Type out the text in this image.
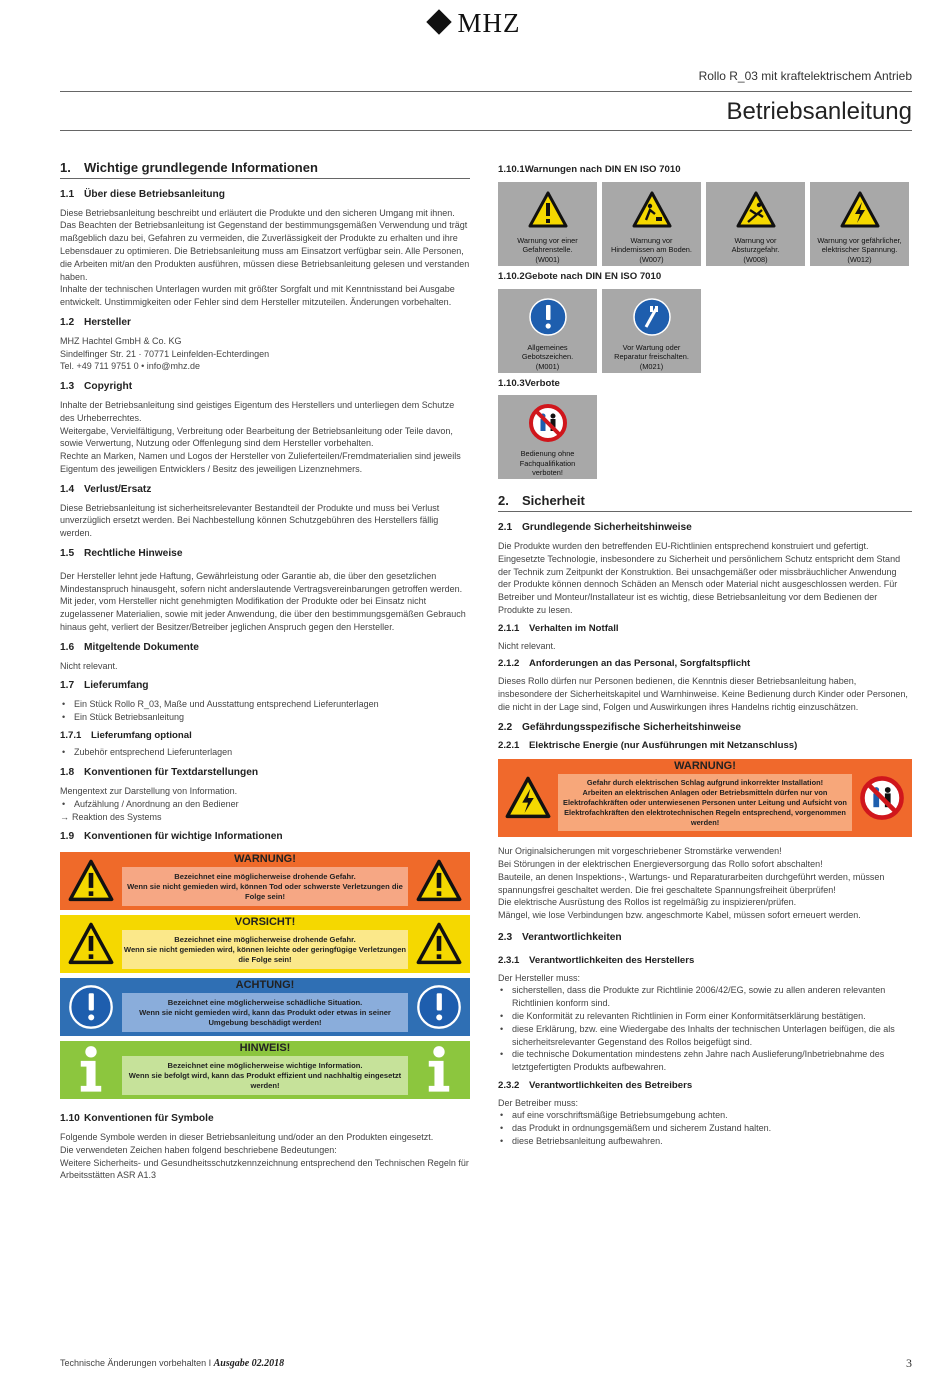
MHZ
Rollo R_03 mit kraftelektrischem Antrieb
Betriebsanleitung
1. Wichtige grundlegende Informationen
1.1 Über diese Betriebsanleitung

Diese Betriebsanleitung beschreibt und erläutert die Produkte und den sicheren Umgang mit ihnen.

Das Beachten der Betriebsanleitung ist Gegenstand der bestimmungsgemäßen Verwendung und trägt maßgeblich dazu bei, Gefahren zu vermeiden, die Zuverlässigkeit der Produkte zu erhalten und ihre Lebensdauer zu optimieren. Die Betriebsanleitung muss am Einsatzort verfügbar sein. Alle Personen, die Arbeiten mit/an den Produkten ausführen, müssen diese Betriebsanleitung gelesen und verstanden haben.

Inhalte der technischen Unterlagen wurden mit größter Sorgfalt und mit Kenntnisstand bei Ausgabe entwickelt. Unstimmigkeiten oder Fehler sind dem Hersteller mitzuteilen. Änderungen vorbehalten.

1.2 Hersteller

MHZ Hachtel GmbH & Co. KG

Sindelfinger Str. 21 · 70771 Leinfelden-Echterdingen

Tel. +49 711 9751 0 • info@mhz.de

1.3 Copyright

Inhalte der Betriebsanleitung sind geistiges Eigentum des Herstellers und unterliegen dem Schutze des Urheberrechtes.

Weitergabe, Vervielfältigung, Verbreitung oder Bearbeitung der Betriebsanleitung oder Teile davon, sowie Verwertung, Nutzung oder Offenlegung sind dem Hersteller vorbehalten.

Rechte an Marken, Namen und Logos der Hersteller von Zulieferteilen/Fremdmaterialien sind jeweils Eigentum des jeweiligen Entwicklers / Besitz des jeweiligen Lizenznehmers.

1.4 Verlust/Ersatz

Diese Betriebsanleitung ist sicherheitsrelevanter Bestandteil der Produkte und muss bei Verlust unverzüglich ersetzt werden. Bei Nachbestellung können Schutzgebühren des Herstellers fällig werden.

1.5 Rechtliche Hinweise

Der Hersteller lehnt jede Haftung, Gewährleistung oder Garantie ab, die über den gesetzlichen Mindestanspruch hinausgeht, sofern nicht anderslautende Vertragsvereinbarungen getroffen werden.

Mit jeder, vom Hersteller nicht genehmigten Modifikation der Produkte oder bei Einsatz nicht zugelassener Materialien, sowie mit jeder Anwendung, die über den bestimmungsgemäßen Gebrauch hinaus geht, verliert der Besitzer/Betreiber jeglichen Anspruch gegen den Hersteller.

1.6 Mitgeltende Dokumente

Nicht relevant.

1.7 Lieferumfang
• Ein Stück Rollo R_03, Maße und Ausstattung entsprechend Lieferunterlagen
• Ein Stück Betriebsanleitung
1.7.1 Lieferumfang optional
• Zubehör entsprechend Lieferunterlagen
1.8 Konventionen für Textdarstellungen

Mengentext zur Darstellung von Information.

• Aufzählung / Anordnung an den Bediener

→ Reaktion des Systems

1.9 Konventionen für wichtige Informationen
WARNUNG!
Bezeichnet eine möglicherweise drohende Gefahr.
Wenn sie nicht gemieden wird, können Tod oder schwerste Verletzungen die Folge sein!
VORSICHT!
Bezeichnet eine möglicherweise drohende Gefahr.
Wenn sie nicht gemieden wird, können leichte oder geringfügige Verletzungen die Folge sein!
ACHTUNG!
Bezeichnet eine möglicherweise schädliche Situation.
Wenn sie nicht gemieden wird, kann das Produkt oder etwas in seiner Umgebung beschädigt werden!
HINWEIS!
Bezeichnet eine möglicherweise wichtige Information.
Wenn sie befolgt wird, kann das Produkt effizient und nachhaltig eingesetzt werden!
1.10 Konventionen für Symbole

Folgende Symbole werden in dieser Betriebsanleitung und/oder an den Produkten eingesetzt.

Die verwendeten Zeichen haben folgend beschriebene Bedeutungen:

Weitere Sicherheits- und Gesundheitsschutzkennzeichnung entsprechend den Technischen Regeln für Arbeitsstätten ASR A1.3

1.10.1Warnungen nach DIN EN ISO 7010
Warnung vor einer
Gefahrenstelle.
(W001)
Warnung vor
Hindernissen am Boden.
(W007)
Warnung vor
Absturzgefahr.
(W008)
Warnung vor gefährlicher,
elektrischer Spannung.
(W012)
1.10.2Gebote nach DIN EN ISO 7010
Allgemeines
Gebotszeichen.
(M001)
Vor Wartung oder
Reparatur freischalten.
(M021)
1.10.3Verbote
Bedienung ohne
Fachqualifikation
verboten!
2. Sicherheit
2.1 Grundlegende Sicherheitshinweise

Die Produkte wurden den betreffenden EU-Richtlinien entsprechend konstruiert und gefertigt. Eingesetzte Technologie, insbesondere zu Sicherheit und persönlichem Schutz entspricht dem Stand der Technik zum Zeitpunkt der Konstruktion. Bei unsachgemäßer oder missbräuchlicher Anwendung der Produkte können dennoch Schäden an Mensch oder Material nicht ausgeschlossen werden. Für Betreiber und Monteur/Installateur ist es wichtig, diese Betriebsanleitung vor dem Bedienen der Produkte zu lesen.

2.1.1 Verhalten im Notfall

Nicht relevant.

2.1.2 Anforderungen an das Personal, Sorgfaltspflicht

Dieses Rollo dürfen nur Personen bedienen, die Kenntnis dieser Betriebsanleitung haben, insbesondere der Sicherheitskapitel und Warnhinweise. Keine Bedienung durch Kinder oder Personen, die nicht in der Lage sind, Folgen und Auswirkungen ihres Handelns richtig einzuschätzen.

2.2 Gefährdungsspezifische Sicherheitshinweise
2.2.1 Elektrische Energie (nur Ausführungen mit Netzanschluss)
WARNUNG!
Gefahr durch elektrischen Schlag aufgrund inkorrekter Installation!
Arbeiten an elektrischen Anlagen oder Betriebsmitteln dürfen nur von Elektrofachkräften oder unterwiesenen Personen unter Leitung und Aufsicht von Elektrofachkräften den elektrotechnischen Regeln entsprechend, vorgenommen werden!

Nur Originalsicherungen mit vorgeschriebener Stromstärke verwenden!

Bei Störungen in der elektrischen Energieversorgung das Rollo sofort abschalten!

Bauteile, an denen Inspektions-, Wartungs- und Reparaturarbeiten durchgeführt werden, müssen spannungsfrei geschaltet werden. Die frei geschaltete Spannungsfreiheit überprüfen!

Die elektrische Ausrüstung des Rollos ist regelmäßig zu inspizieren/prüfen.

Mängel, wie lose Verbindungen bzw. angeschmorte Kabel, müssen sofort erneuert werden.

2.3 Verantwortlichkeiten
2.3.1 Verantwortlichkeiten des Herstellers

Der Hersteller muss:

• sicherstellen, dass die Produkte zur Richtlinie 2006/42/EG, sowie zu allen anderen relevanten Richtlinien konform sind.
• die Konformität zu relevanten Richtlinien in Form einer Konformitätserklärung bestätigen.
• diese Erklärung, bzw. eine Wiedergabe des Inhalts der technischen Unterlagen beifügen, die als sicherheitsrelevanter Gegenstand des Rollos beigefügt sind.
• die technische Dokumentation mindestens zehn Jahre nach Auslieferung/Inbetriebnahme des letztgefertigten Produkts aufbewahren.
2.3.2 Verantwortlichkeiten des Betreibers

Der Betreiber muss:

• auf eine vorschriftsmäßige Betriebsumgebung achten.
• das Produkt in ordnungsgemäßem und sicherem Zustand halten.
• diese Betriebsanleitung aufbewahren.
Technische Änderungen vorbehalten I Ausgabe 02.2018	3
